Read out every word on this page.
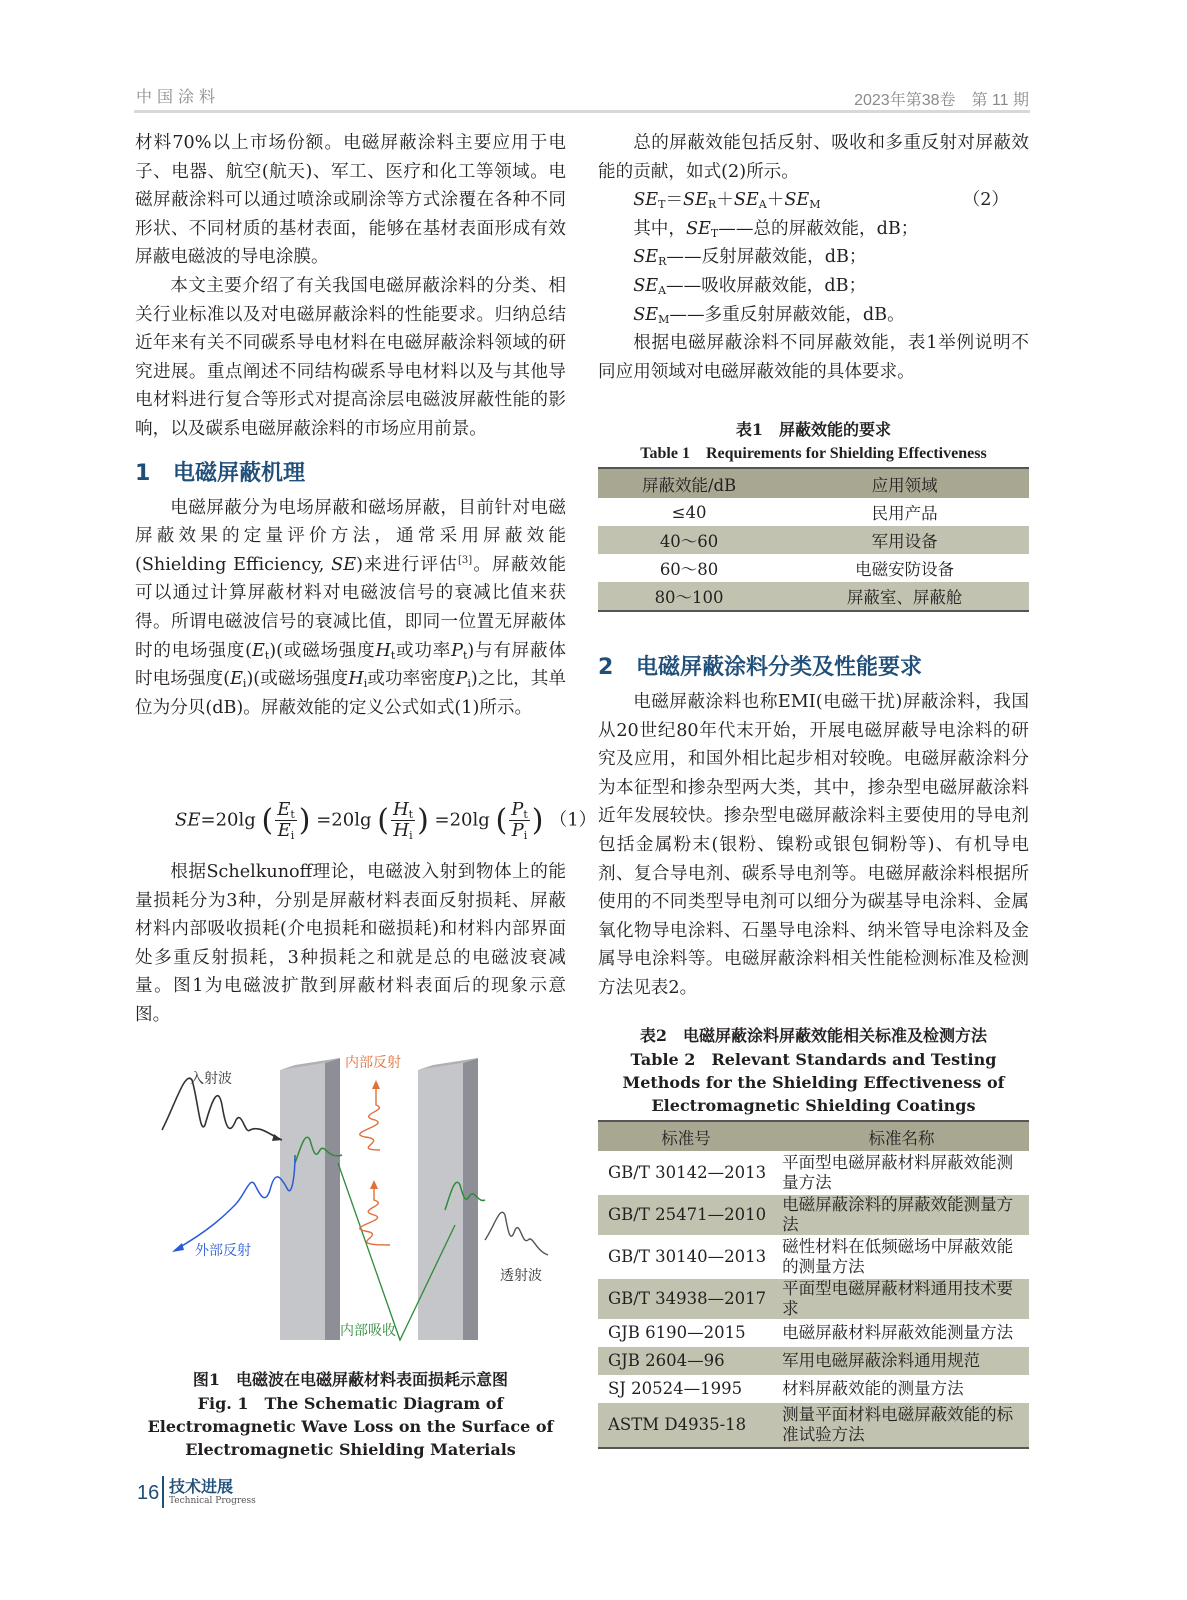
中国涂料	2023年第38卷　第 11 期

材料70%以上市场份额。电磁屏蔽涂料主要应用于电子、电器、航空(航天)、军工、医疗和化工等领域。电磁屏蔽涂料可以通过喷涂或刷涂等方式涂覆在各种不同形状、不同材质的基材表面，能够在基材表面形成有效屏蔽电磁波的导电涂膜。

本文主要介绍了有关我国电磁屏蔽涂料的分类、相关行业标准以及对电磁屏蔽涂料的性能要求。归纳总结近年来有关不同碳系导电材料在电磁屏蔽涂料领域的研究进展。重点阐述不同结构碳系导电材料以及与其他导电材料进行复合等形式对提高涂层电磁波屏蔽性能的影响，以及碳系电磁屏蔽涂料的市场应用前景。

1 电磁屏蔽机理

电磁屏蔽分为电场屏蔽和磁场屏蔽，目前针对电磁屏蔽效果的定量评价方法，通常采用屏蔽效能(Shielding Efficiency, SE)来进行评估[3]。屏蔽效能可以通过计算屏蔽材料对电磁波信号的衰减比值来获得。所谓电磁波信号的衰减比值，即同一位置无屏蔽体时的电场强度$(E_t)$(或磁场强度$H_t$或功率$P_t$)与有屏蔽体时电场强度$(E_i)$(或磁场强度$H_i$或功率密度$P_i$)之比，其单位为分贝(dB)。屏蔽效能的定义公式如式(1)所示。

SE=20lg ( $\frac{E_t}{E_i}$ ) =20lg ( $\frac{H_t}{H_i}$ ) =20lg ( $\frac{P_t}{P_i}$ ) （1）

根据Schelkunoff理论，电磁波入射到物体上的能量损耗分为3种，分别是屏蔽材料表面反射损耗、屏蔽材料内部吸收损耗(介电损耗和磁损耗)和材料内部界面处多重反射损耗，3种损耗之和就是总的电磁波衰减量。图1为电磁波扩散到屏蔽材料表面后的现象示意图。

入射波
内部反射
外部反射
透射波
内部吸收
图1　电磁波在电磁屏蔽材料表面损耗示意图
Fig. 1　The Schematic Diagram of Electromagnetic Wave Loss on the Surface of Electromagnetic Shielding Materials

总的屏蔽效能包括反射、吸收和多重反射对屏蔽效能的贡献，如式(2)所示。

$SE_T=SE_R+SE_A+SE_M$	（2）
其中，$SE_T——$总的屏蔽效能，dB；
$SE_R——$反射屏蔽效能，dB；
$SE_A——$吸收屏蔽效能，dB；
$SE_M——$多重反射屏蔽效能，dB。

根据电磁屏蔽涂料不同屏蔽效能，表1举例说明不同应用领域对电磁屏蔽效能的具体要求。

表1　屏蔽效能的要求
Table 1　Requirements for Shielding Effectiveness
屏蔽效能/dB	应用领域
≤40	民用产品
40～60	军用设备
60～80	电磁安防设备
80～100	屏蔽室、屏蔽舱
2 电磁屏蔽涂料分类及性能要求

电磁屏蔽涂料也称EMI(电磁干扰)屏蔽涂料，我国从20世纪80年代末开始，开展电磁屏蔽导电涂料的研究及应用，和国外相比起步相对较晚。电磁屏蔽涂料分为本征型和掺杂型两大类，其中，掺杂型电磁屏蔽涂料近年发展较快。掺杂型电磁屏蔽涂料主要使用的导电剂包括金属粉末(银粉、镍粉或银包铜粉等)、有机导电剂、复合导电剂、碳系导电剂等。电磁屏蔽涂料根据所使用的不同类型导电剂可以细分为碳基导电涂料、金属氧化物导电涂料、石墨导电涂料、纳米管导电涂料及金属导电涂料等。电磁屏蔽涂料相关性能检测标准及检测方法见表2。

表2　电磁屏蔽涂料屏蔽效能相关标准及检测方法
Table 2　Relevant Standards and Testing Methods for the Shielding Effectiveness of Electromagnetic Shielding Coatings
标准号	标准名称
GB/T 30142—2013	平面型电磁屏蔽材料屏蔽效能测量方法
GB/T 25471—2010	电磁屏蔽涂料的屏蔽效能测量方法
GB/T 30140—2013	磁性材料在低频磁场中屏蔽效能的测量方法
GB/T 34938—2017	平面型电磁屏蔽材料通用技术要求
GJB 6190—2015	电磁屏蔽材料屏蔽效能测量方法
GJB 2604—96	军用电磁屏蔽涂料通用规范
SJ 20524—1995	材料屏蔽效能的测量方法
ASTM D4935-18	测量平面材料电磁屏蔽效能的标准试验方法
16 技术进展
Technical Progress
